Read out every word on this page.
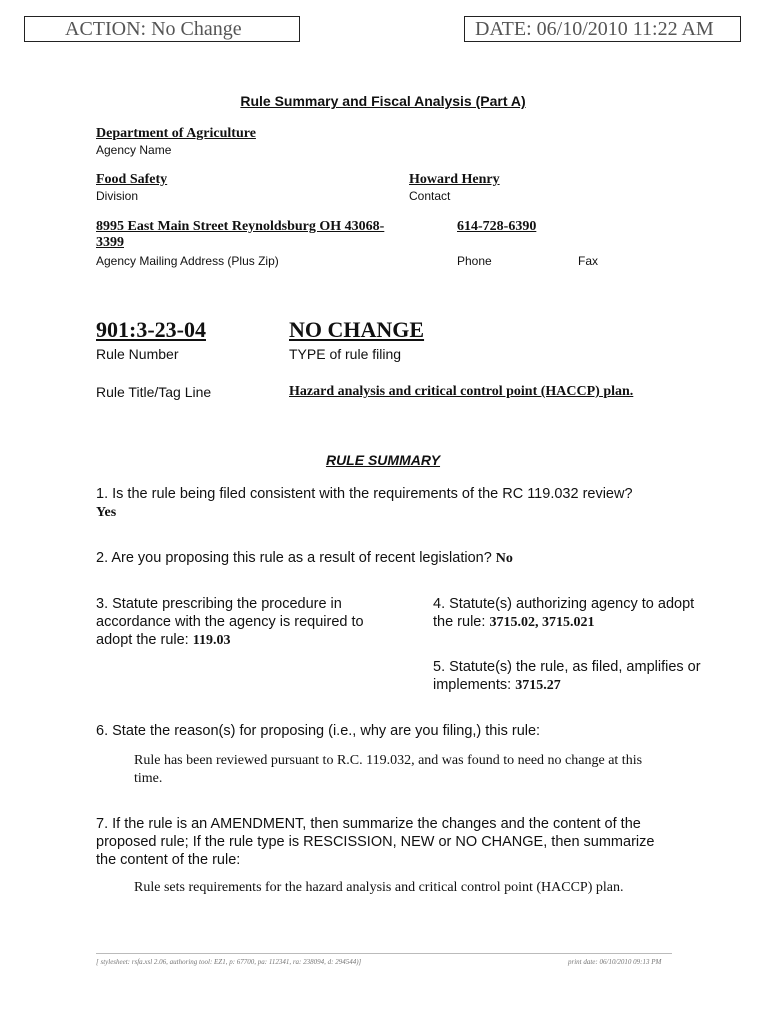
ACTION: No Change	DATE: 06/10/2010 11:22 AM
Rule Summary and Fiscal Analysis (Part A)
Department of Agriculture
Agency Name
Food Safety
Division
Howard Henry
Contact
8995 East Main Street Reynoldsburg OH 43068-3399
Agency Mailing Address (Plus Zip)
614-728-6390
Phone	Fax
901:3-23-04
Rule Number
NO CHANGE
TYPE of rule filing
Rule Title/Tag Line	Hazard analysis and critical control point (HACCP) plan.
RULE SUMMARY
1. Is the rule being filed consistent with the requirements of the RC 119.032 review? Yes
2. Are you proposing this rule as a result of recent legislation? No
3. Statute prescribing the procedure in accordance with the agency is required to adopt the rule: 119.03
4. Statute(s) authorizing agency to adopt the rule: 3715.02, 3715.021
5. Statute(s) the rule, as filed, amplifies or implements: 3715.27
6. State the reason(s) for proposing (i.e., why are you filing,) this rule:
Rule has been reviewed pursuant to R.C. 119.032, and was found to need no change at this time.
7. If the rule is an AMENDMENT, then summarize the changes and the content of the proposed rule; If the rule type is RESCISSION, NEW or NO CHANGE, then summarize the content of the rule:
Rule sets requirements for the hazard analysis and critical control point (HACCP) plan.
[ stylesheet: rsfa.xsl 2.06, authoring tool: EZ1, p: 67700, pa: 112341, ra: 238094, d: 294544)]	print date: 06/10/2010 09:13 PM
